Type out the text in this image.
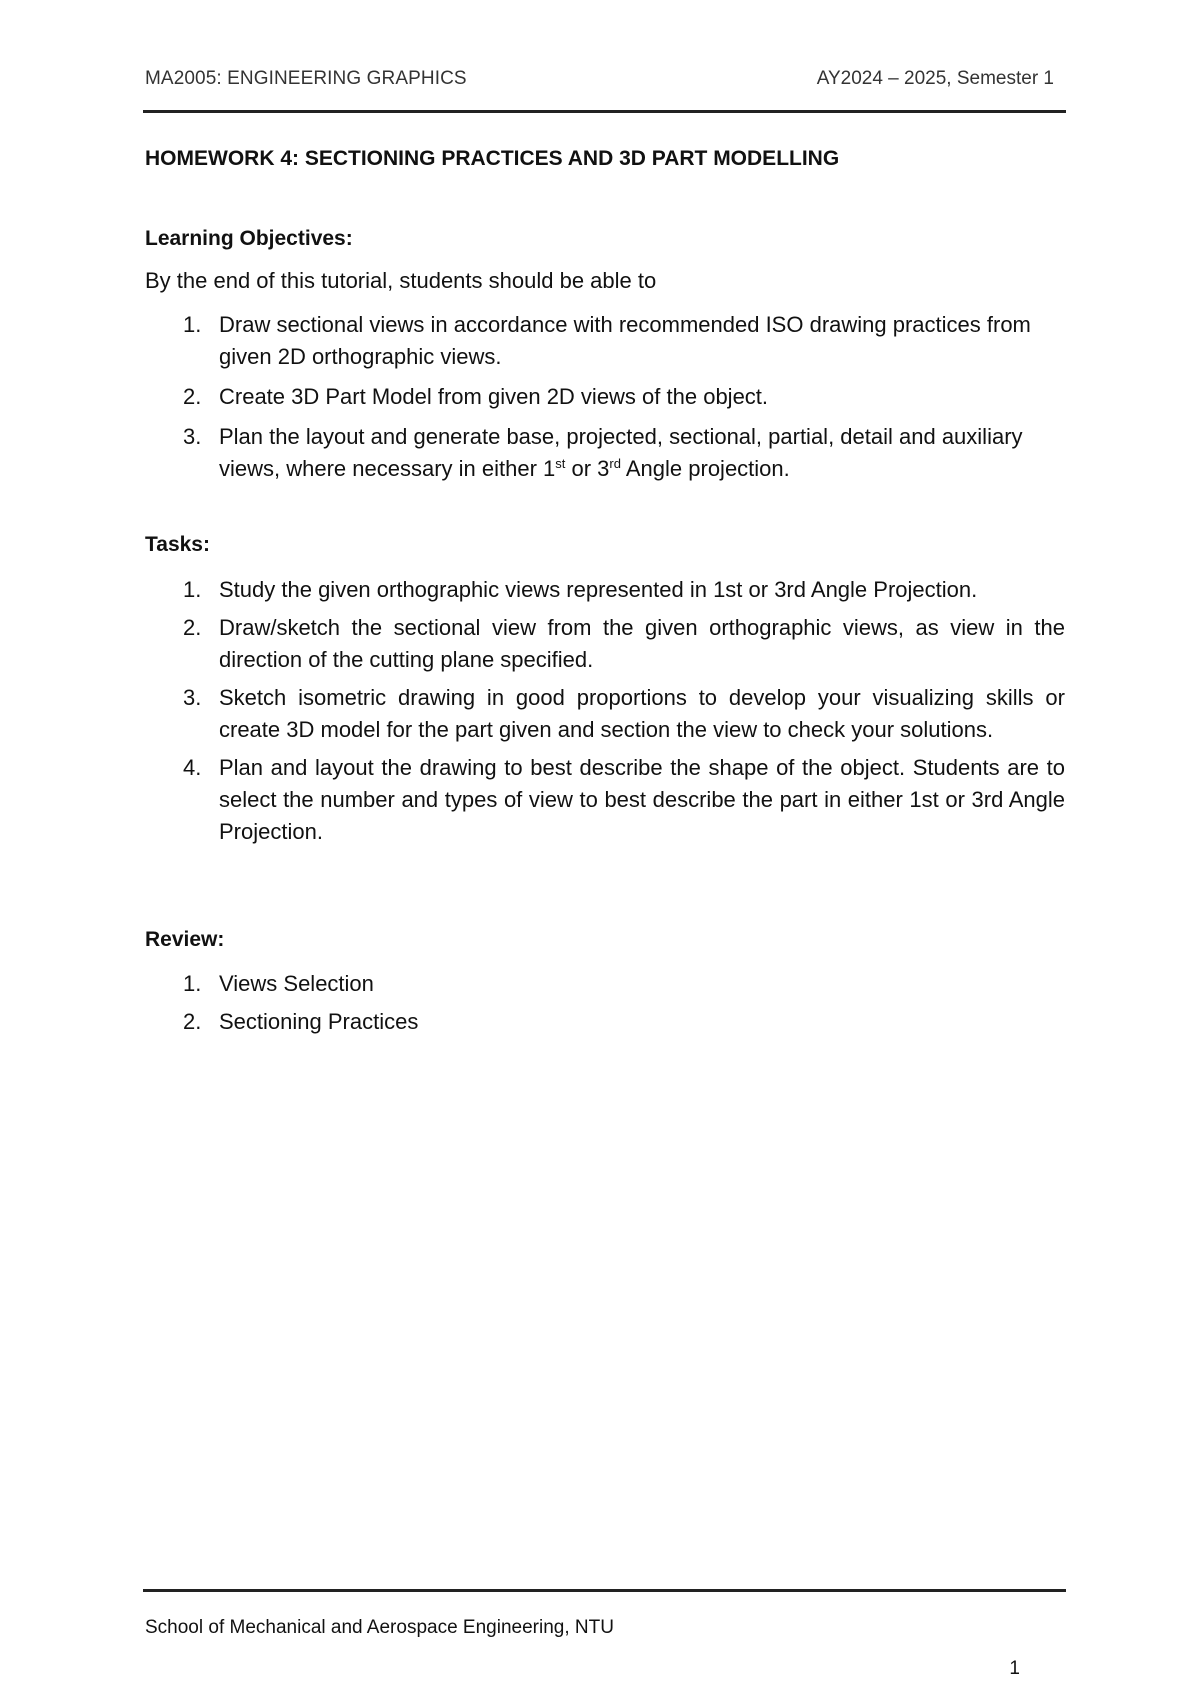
MA2005: ENGINEERING GRAPHICS	AY2024 – 2025, Semester 1
HOMEWORK 4: SECTIONING PRACTICES AND 3D PART MODELLING
Learning Objectives:
By the end of this tutorial, students should be able to
1. Draw sectional views in accordance with recommended ISO drawing practices from given 2D orthographic views.
2. Create 3D Part Model from given 2D views of the object.
3. Plan the layout and generate base, projected, sectional, partial, detail and auxiliary views, where necessary in either 1st or 3rd Angle projection.
Tasks:
1. Study the given orthographic views represented in 1st or 3rd Angle Projection.
2. Draw/sketch the sectional view from the given orthographic views, as view in the direction of the cutting plane specified.
3. Sketch isometric drawing in good proportions to develop your visualizing skills or create 3D model for the part given and section the view to check your solutions.
4. Plan and layout the drawing to best describe the shape of the object. Students are to select the number and types of view to best describe the part in either 1st or 3rd Angle Projection.
Review:
1. Views Selection
2. Sectioning Practices
School of Mechanical and Aerospace Engineering, NTU
1
